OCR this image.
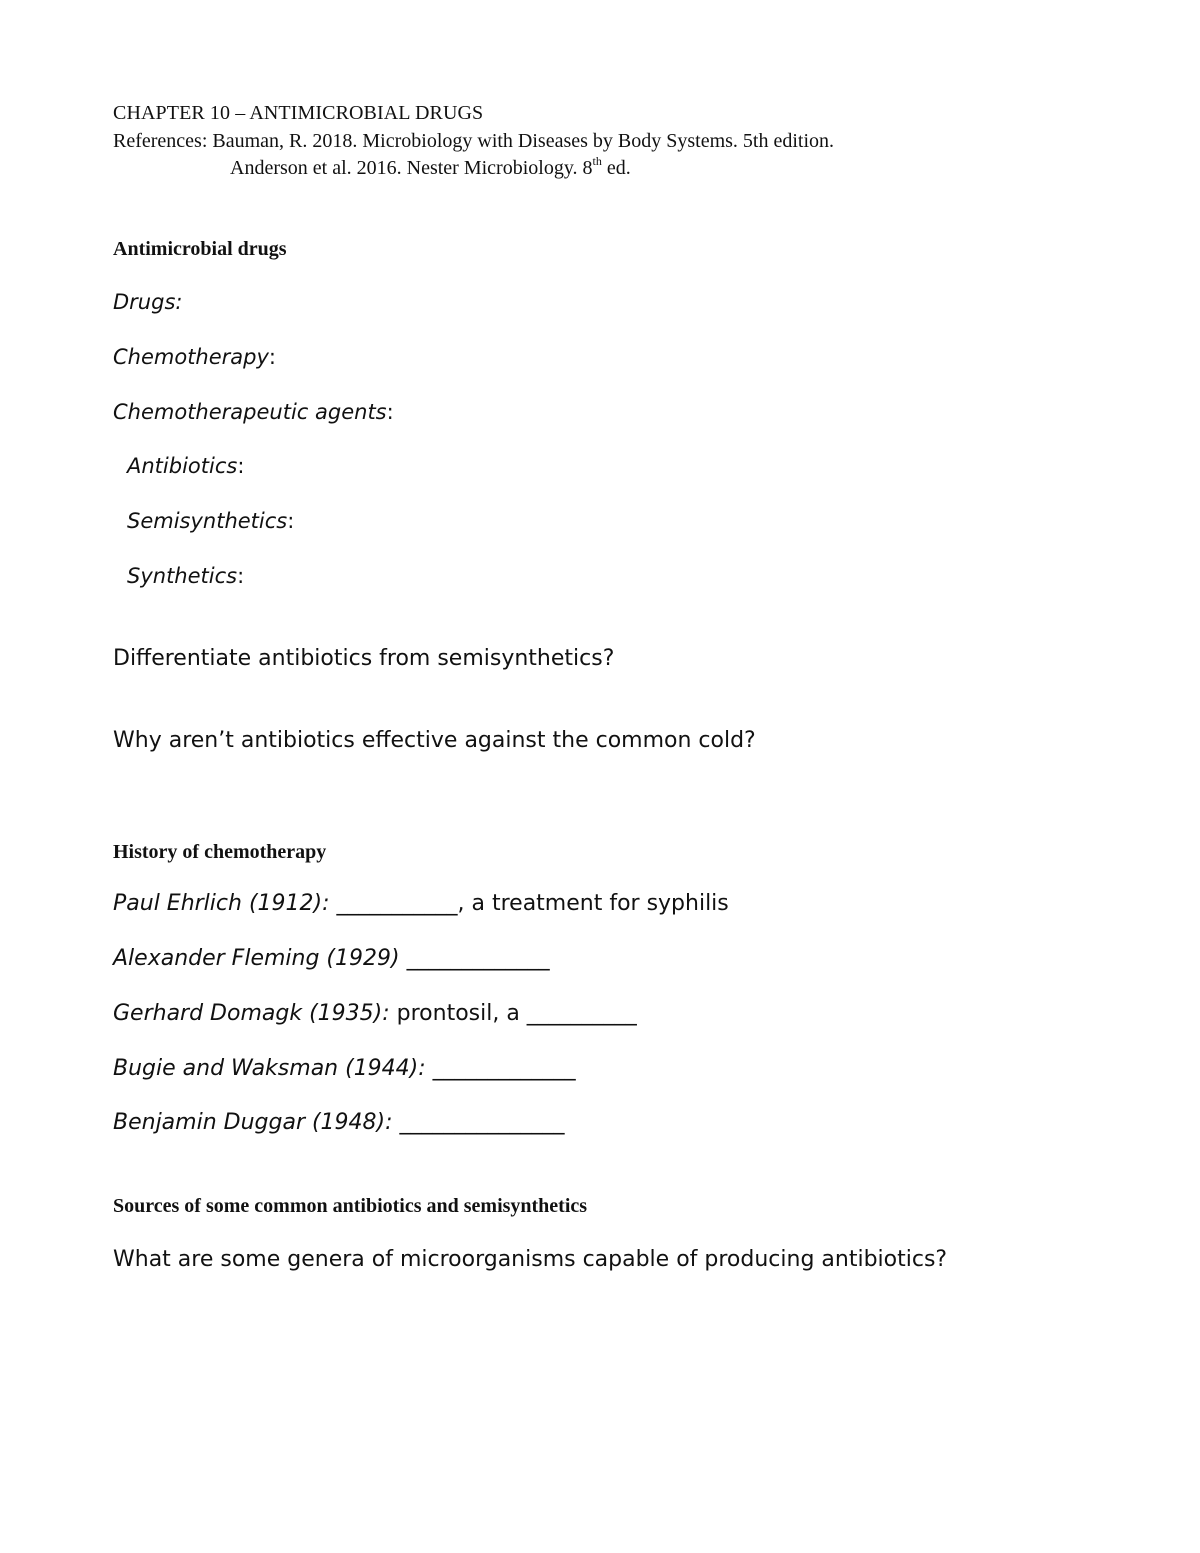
CHAPTER 10 – ANTIMICROBIAL DRUGS
References: Bauman, R. 2018. Microbiology with Diseases by Body Systems. 5th edition.
Anderson et al. 2016. Nester Microbiology. 8th ed.
Antimicrobial drugs
Drugs:
Chemotherapy:
Chemotherapeutic agents:
Antibiotics:
Semisynthetics:
Synthetics:
Differentiate antibiotics from semisynthetics?
Why aren’t antibiotics effective against the common cold?
History of chemotherapy
Paul Ehrlich (1912): ___________, a treatment for syphilis
Alexander Fleming (1929) _____________
Gerhard Domagk (1935): prontosil, a __________
Bugie and Waksman (1944): _____________
Benjamin Duggar (1948): _______________
Sources of some common antibiotics and semisynthetics
What are some genera of microorganisms capable of producing antibiotics?
